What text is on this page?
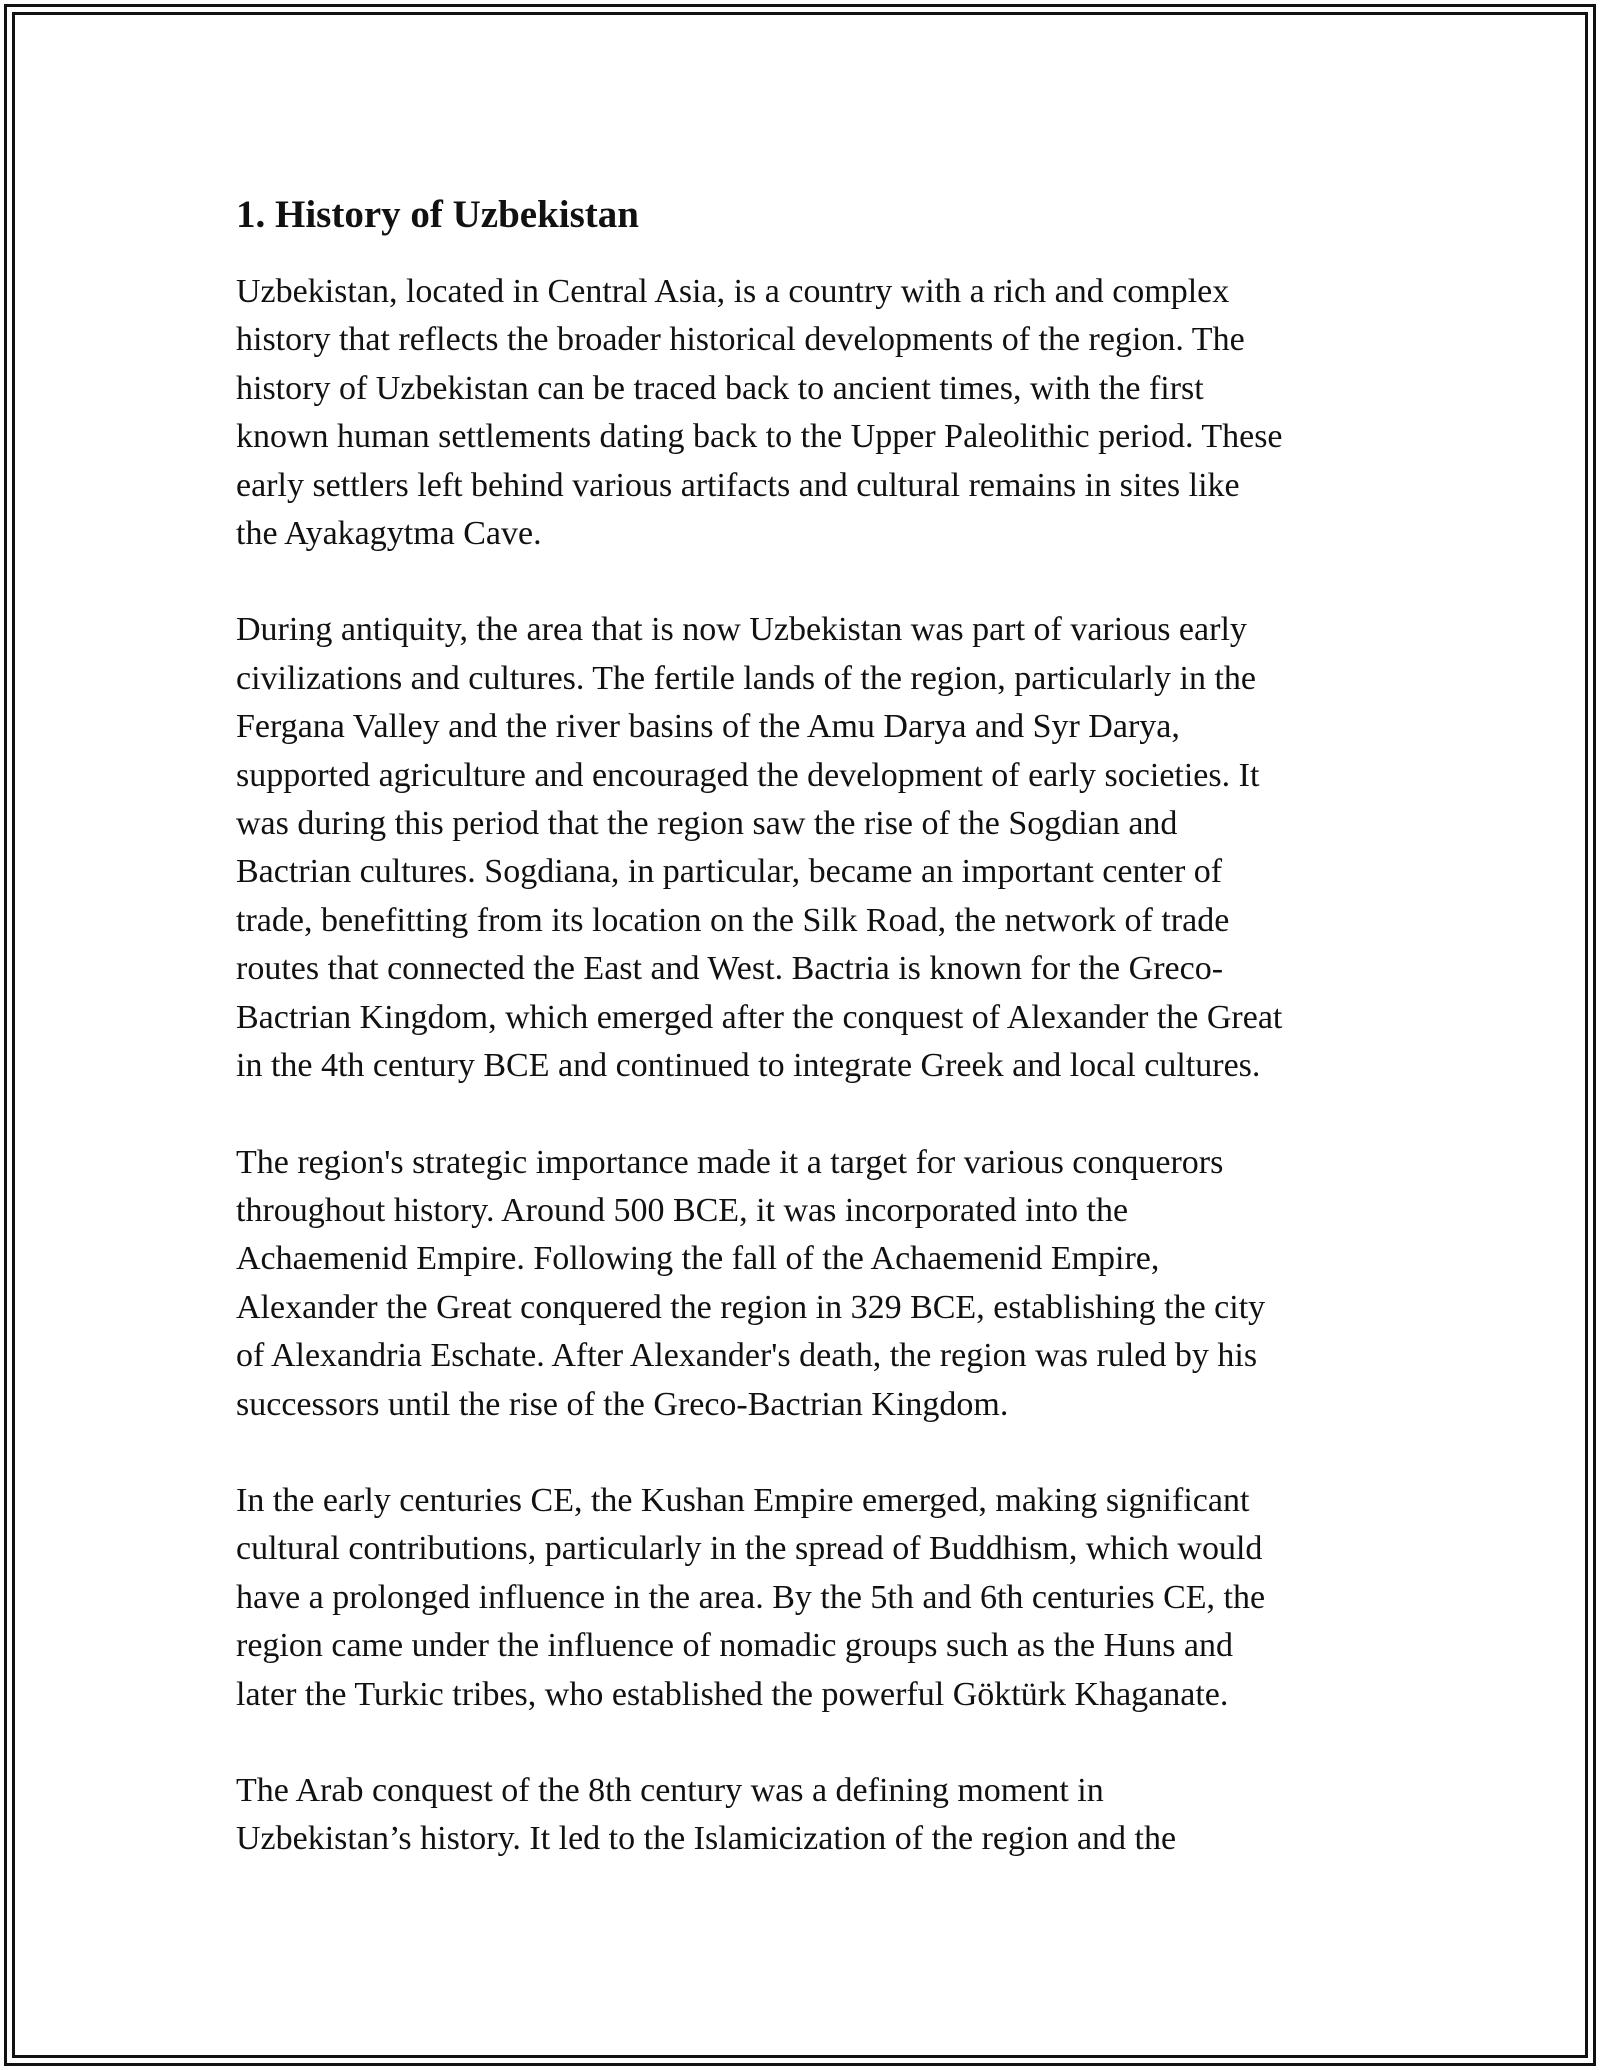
1. History of Uzbekistan

Uzbekistan, located in Central Asia, is a country with a rich and complex
history that reflects the broader historical developments of the region. The
history of Uzbekistan can be traced back to ancient times, with the first
known human settlements dating back to the Upper Paleolithic period. These
early settlers left behind various artifacts and cultural remains in sites like
the Ayakagytma Cave.

During antiquity, the area that is now Uzbekistan was part of various early
civilizations and cultures. The fertile lands of the region, particularly in the
Fergana Valley and the river basins of the Amu Darya and Syr Darya,
supported agriculture and encouraged the development of early societies. It
was during this period that the region saw the rise of the Sogdian and
Bactrian cultures. Sogdiana, in particular, became an important center of
trade, benefitting from its location on the Silk Road, the network of trade
routes that connected the East and West. Bactria is known for the Greco-
Bactrian Kingdom, which emerged after the conquest of Alexander the Great
in the 4th century BCE and continued to integrate Greek and local cultures.

The region's strategic importance made it a target for various conquerors
throughout history. Around 500 BCE, it was incorporated into the
Achaemenid Empire. Following the fall of the Achaemenid Empire,
Alexander the Great conquered the region in 329 BCE, establishing the city
of Alexandria Eschate. After Alexander's death, the region was ruled by his
successors until the rise of the Greco-Bactrian Kingdom.

In the early centuries CE, the Kushan Empire emerged, making significant
cultural contributions, particularly in the spread of Buddhism, which would
have a prolonged influence in the area. By the 5th and 6th centuries CE, the
region came under the influence of nomadic groups such as the Huns and
later the Turkic tribes, who established the powerful Göktürk Khaganate.

The Arab conquest of the 8th century was a defining moment in
Uzbekistan’s history. It led to the Islamicization of the region and the
